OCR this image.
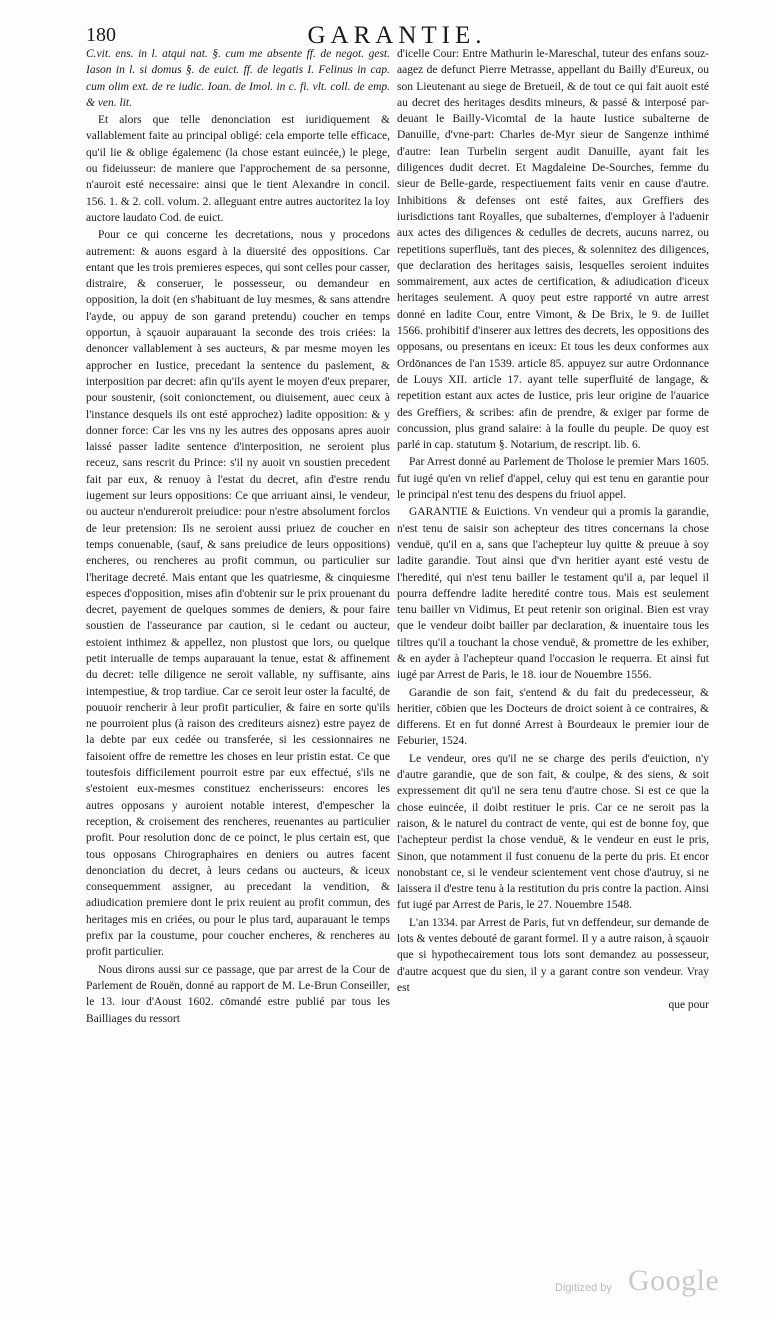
180	GARANTIE.

C.vit. ens. in l. atqui nat. §. cum me absente ff. de negot. gest. Iason in l. si domus §. de euict. ff. de legatis I. Felinus in cap. cum olim ext. de re iudic. Ioan. de Imol. in c. fi. vlt. coll. de emp. & ven. lit.

Et alors que telle denonciation est iuridiquement & vallablement faite au principal obligé: cela emporte telle efficace, qu'il lie & oblige égalemenc (la chose estant euincée,) le plege, ou fideiusseur: de maniere que l'approchement de sa personne, n'auroit esté necessaire: ainsi que le tient Alexandre in concil. 156. 1. & 2. coll. volum. 2. alleguant entre autres auctoritez la loy auctore laudato Cod. de euict.

Pour ce qui concerne les decretations, nous y procedons autrement: & auons esgard à la diuersité des oppositions. Car entant que les trois premieres especes, qui sont celles pour casser, distraire, & conseruer, le possesseur, ou demandeur en opposition, la doit (en s'habituant de luy mesmes, & sans attendre l'ayde, ou appuy de son garand pretendu) coucher en temps opportun, à sçauoir auparauant la seconde des trois criées: la denoncer vallablement à ses aucteurs, & par mesme moyen les approcher en Iustice, precedant la sentence du paslement, & interposition par decret: afin qu'ils ayent le moyen d'eux preparer, pour soustenir, (soit conionctement, ou diuisement, auec ceux à l'instance desquels ils ont esté approchez) ladite opposition: & y donner force: Car les vns ny les autres des opposans apres auoir laissé passer ladite sentence d'interposition, ne seroient plus receuz, sans rescrit du Prince: s'il ny auoit vn soustien precedent fait par eux, & renuoy à l'estat du decret, afin d'estre rendu iugement sur leurs oppositions: Ce que arriuant ainsi, le vendeur, ou aucteur n'endureroit preiudice: pour n'estre absolument forclos de leur pretension: Ils ne seroient aussi priuez de coucher en temps conuenable, (sauf, & sans preiudice de leurs oppositions) encheres, ou rencheres au profit commun, ou particulier sur l'heritage decreté. Mais entant que les quatriesme, & cinquiesme especes d'opposition, mises afin d'obtenir sur le prix prouenant du decret, payement de quelques sommes de deniers, & pour faire soustien de l'asseurance par caution, si le cedant ou aucteur, estoient inthimez & appellez, non plustost que lors, ou quelque petit interualle de temps auparauant la tenue, estat & affinement du decret: telle diligence ne seroit vallable, ny suffisante, ains intempestiue, & trop tardiue. Car ce seroit leur oster la faculté, de pouuoir rencherir à leur profit particulier, & faire en sorte qu'ils ne pourroient plus (à raison des crediteurs aisnez) estre payez de la debte par eux cedée ou transferée, si les cessionnaires ne faisoient offre de remettre les choses en leur pristin estat. Ce que toutesfois difficilement pourroit estre par eux effectué, s'ils ne s'estoient eux-mesmes constituez encherisseurs: encores les autres opposans y auroient notable interest, d'empescher la reception, & croisement des rencheres, reuenantes au particulier profit. Pour resolution donc de ce poinct, le plus certain est, que tous opposans Chirographaires en deniers ou autres facent denonciation du decret, à leurs cedans ou aucteurs, & iceux consequemment assigner, au precedant la vendition, & adiudication premiere dont le prix reuient au profit commun, des heritages mis en criées, ou pour le plus tard, auparauant le temps prefix par la coustume, pour coucher encheres, & rencheres au profit particulier.

Nous dirons aussi sur ce passage, que par arrest de la Cour de Parlement de Rouën, donné au rapport de M. Le-Brun Conseiller, le 13. iour d'Aoust 1602. cōmandé estre publié par tous les Bailliages du ressort

d'icelle Cour: Entre Mathurin le-Mareschal, tuteur des enfans souz-aagez de defunct Pierre Metrasse, appellant du Bailly d'Eureux, ou son Lieutenant au siege de Bretueil, & de tout ce qui fait auoit esté au decret des heritages desdits mineurs, & passé & interposé par-deuant le Bailly-Vicomtal de la haute Iustice subalterne de Danuille, d'vne-part: Charles de-Myr sieur de Sangenze inthimé d'autre: Iean Turbelin sergent audit Danuille, ayant fait les diligences dudit decret. Et Magdaleine De-Sourches, femme du sieur de Belle-garde, respectiuement faits venir en cause d'autre. Inhibitions & defenses ont esté faites, aux Greffiers des iurisdictions tant Royalles, que subalternes, d'employer à l'aduenir aux actes des diligences & cedulles de decrets, aucuns narrez, ou repetitions superfluës, tant des pieces, & solennitez des diligences, que declaration des heritages saisis, lesquelles seroient induites sommairement, aux actes de certification, & adiudication d'iceux heritages seulement. A quoy peut estre rapporté vn autre arrest donné en ladite Cour, entre Vimont, & De Brix, le 9. de Iuillet 1566. prohibitif d'inserer aux lettres des decrets, les oppositions des opposans, ou presentans en iceux: Et tous les deux conformes aux Ordōnances de l'an 1539. article 85. appuyez sur autre Ordonnance de Louys XII. article 17. ayant telle superfluité de langage, & repetition estant aux actes de Iustice, pris leur origine de l'auarice des Greffiers, & scribes: afin de prendre, & exiger par forme de concussion, plus grand salaire: à la foulle du peuple. De quoy est parlé in cap. statutum §. Notarium, de rescript. lib. 6.

Par Arrest donné au Parlement de Tholose le premier Mars 1605. fut iugé qu'en vn relief d'appel, celuy qui est tenu en garantie pour le principal n'est tenu des despens du friuol appel.

GARANTIE & Euictions. Vn vendeur qui a promis la garandie, n'est tenu de saisir son achepteur des titres concernans la chose venduë, qu'il en a, sans que l'achepteur luy quitte & preuue à soy ladite garandie. Tout ainsi que d'vn heritier ayant esté vestu de l'heredité, qui n'est tenu bailler le testament qu'il a, par lequel il pourra deffendre ladite heredité contre tous. Mais est seulement tenu bailler vn Vidimus, Et peut retenir son original. Bien est vray que le vendeur doibt bailler par declaration, & inuentaire tous les tiltres qu'il a touchant la chose venduë, & promettre de les exhiber, & en ayder à l'achepteur quand l'occasion le requerra. Et ainsi fut iugé par Arrest de Paris, le 18. iour de Nouembre 1556.

Garandie de son fait, s'entend & du fait du predecesseur, & heritier, cōbien que les Docteurs de droict soient à ce contraires, & differens. Et en fut donné Arrest à Bourdeaux le premier iour de Feburier, 1524.

Le vendeur, ores qu'il ne se charge des perils d'euiction, n'y d'autre garandie, que de son fait, & coulpe, & des siens, & soit expressement dit qu'il ne sera tenu d'autre chose. Si est ce que la chose euincée, il doibt restituer le pris. Car ce ne seroit pas la raison, & le naturel du contract de vente, qui est de bonne foy, que l'achepteur perdist la chose venduë, & le vendeur en eust le pris, Sinon, que notamment il fust conuenu de la perte du pris. Et encor nonobstant ce, si le vendeur scientement vent chose d'autruy, si ne laissera il d'estre tenu à la restitution du pris contre la paction. Ainsi fut iugé par Arrest de Paris, le 27. Nouembre 1548.

L'an 1334. par Arrest de Paris, fut vn deffendeur, sur demande de lots & ventes debouté de garant formel. Il y a autre raison, à sçauoir que si hypothecairement tous lots sont demandez au possesseur, d'autre acquest que du sien, il y a garant contre son vendeur. Vray est

que pour
Digitized by Google
